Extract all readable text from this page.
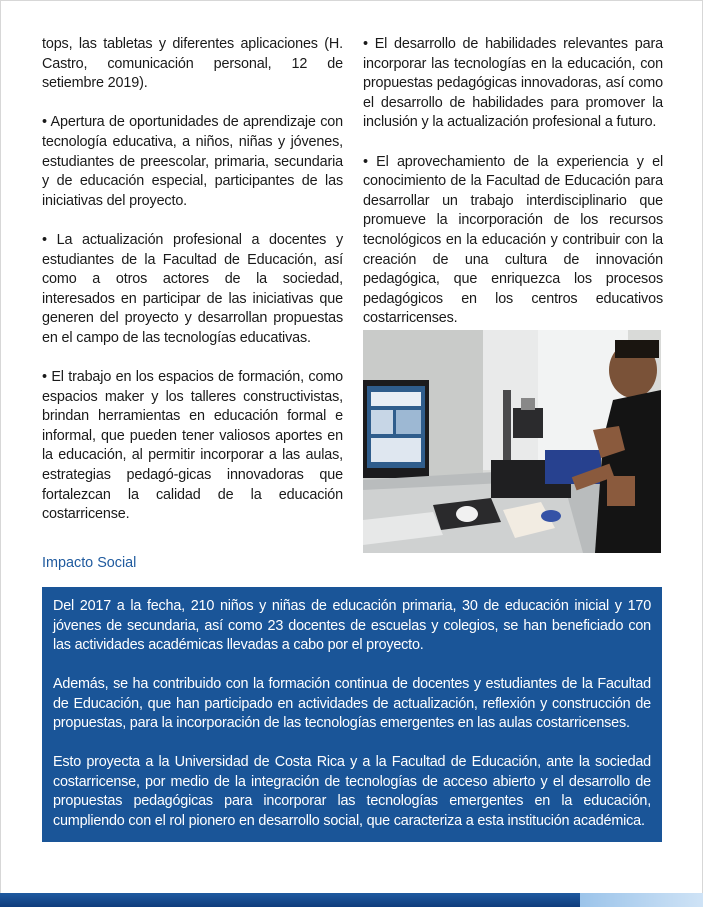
tops, las tabletas y diferentes aplicaciones (H. Castro, comunicación personal, 12 de setiembre 2019).

• Apertura de oportunidades de aprendizaje con tecnología educativa, a niños, niñas y jóvenes, estudiantes de preescolar, primaria, secundaria y de educación especial, participantes de las iniciativas del proyecto.

• La actualización profesional a docentes y estudiantes de la Facultad de Educación, así como a otros actores de la sociedad, interesados en participar de las iniciativas que generen del proyecto y desarrollan propuestas en el campo de las tecnologías educativas.

• El trabajo en los espacios de formación, como espacios maker y los talleres constructivistas, brindan herramientas en educación formal e informal, que pueden tener valiosos aportes en la educación, al permitir incorporar a las aulas, estrategias pedagó-gicas innovadoras que fortalezcan la calidad de la educación costarricense.

• El desarrollo de habilidades relevantes para incorporar las tecnologías en la educación, con propuestas pedagógicas innovadoras, así como el desarrollo de habilidades para promover la inclusión y la actualización profesional a futuro.

• El aprovechamiento de la experiencia y el conocimiento de la Facultad de Educación para desarrollar un trabajo interdisciplinario que promueve la incorporación de los recursos tecnológicos en la educación y contribuir con la creación de una cultura de innovación pedagógica, que enriquezca los procesos pedagógicos en los centros educativos costarricenses.

Impacto Social

Del 2017 a la fecha, 210 niños y niñas de educación primaria, 30 de educación inicial y 170 jóvenes de secundaria, así como 23 docentes de escuelas y colegios, se han beneficiado con las actividades académicas llevadas a cabo por el proyecto.

Además, se ha contribuido con la formación continua de docentes y estudiantes de la Facultad de Educación, que han participado en actividades de actualización, reflexión y construcción de propuestas, para la incorporación de las tecnologías emergentes en las aulas costarricenses.

Esto proyecta a la Universidad de Costa Rica y a la Facultad de Educación, ante la sociedad costarricense, por medio de la integración de tecnologías de acceso abierto y el desarrollo de propuestas pedagógicas para incorporar las tecnologías emergentes en la educación, cumpliendo con el rol pionero en desarrollo social, que caracteriza a esta institución académica.
